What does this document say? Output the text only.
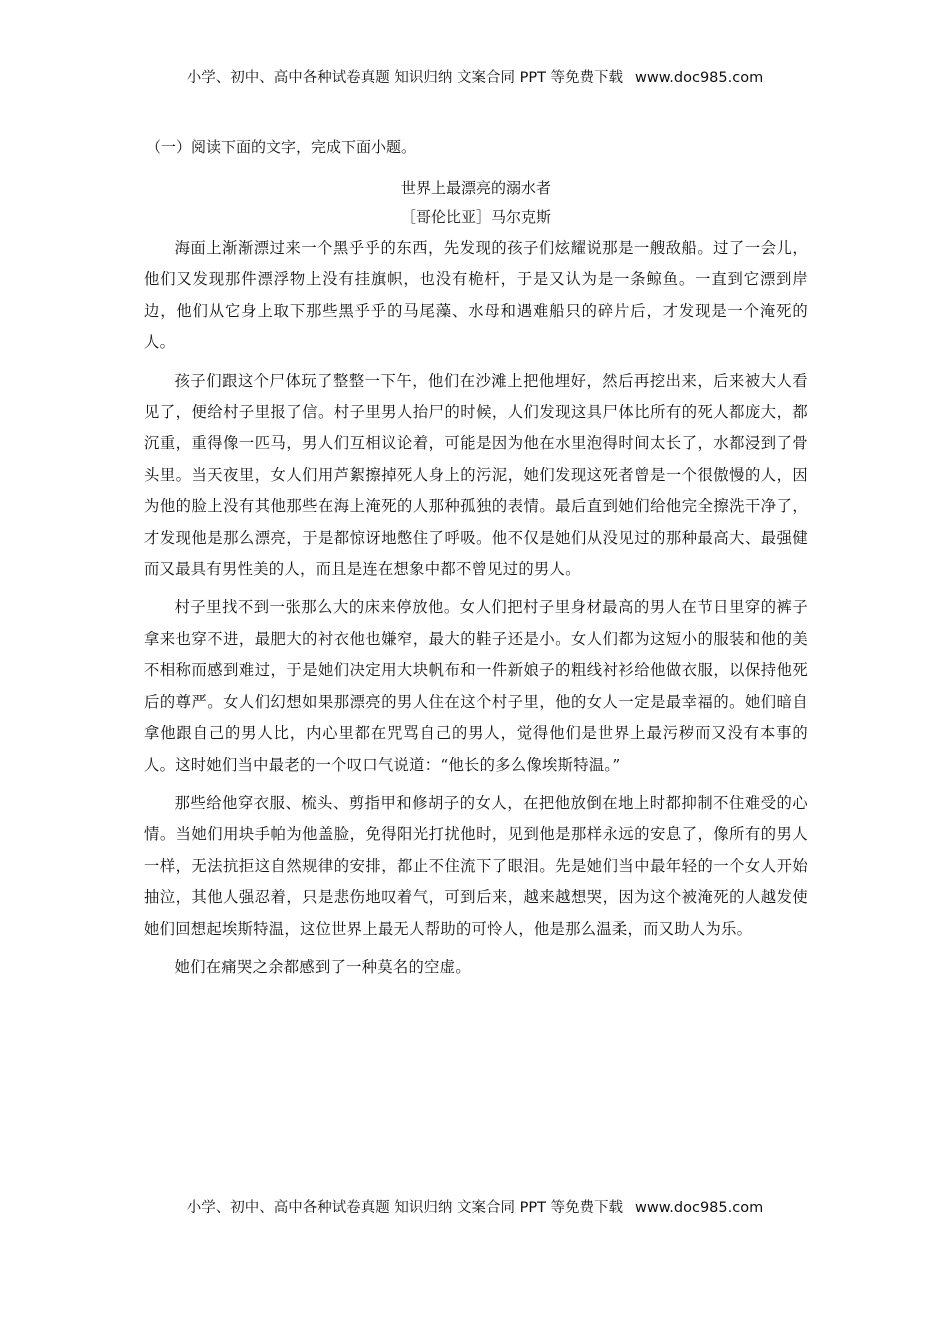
小学、初中、高中各种试卷真题 知识归纳 文案合同 PPT 等免费下载 www.doc985.com

（一）阅读下面的文字，完成下面小题。

世界上最漂亮的溺水者

［哥伦比亚］马尔克斯

海面上渐渐漂过来一个黑乎乎的东西，先发现的孩子们炫耀说那是一艘敌船。过了一会儿，他们又发现那件漂浮物上没有挂旗帜，也没有桅杆，于是又认为是一条鲸鱼。一直到它漂到岸边，他们从它身上取下那些黑乎乎的马尾藻、水母和遇难船只的碎片后，才发现是一个淹死的人。

孩子们跟这个尸体玩了整整一下午，他们在沙滩上把他埋好，然后再挖出来，后来被大人看见了，便给村子里报了信。村子里男人抬尸的时候，人们发现这具尸体比所有的死人都庞大，都沉重，重得像一匹马，男人们互相议论着，可能是因为他在水里泡得时间太长了，水都浸到了骨头里。当天夜里，女人们用芦絮擦掉死人身上的污泥，她们发现这死者曾是一个很傲慢的人，因为他的脸上没有其他那些在海上淹死的人那种孤独的表情。最后直到她们给他完全擦洗干净了，才发现他是那么漂亮，于是都惊讶地憋住了呼吸。他不仅是她们从没见过的那种最高大、最强健而又最具有男性美的人，而且是连在想象中都不曾见过的男人。

村子里找不到一张那么大的床来停放他。女人们把村子里身材最高的男人在节日里穿的裤子拿来也穿不进，最肥大的衬衣他也嫌窄，最大的鞋子还是小。女人们都为这短小的服装和他的美不相称而感到难过，于是她们决定用大块帆布和一件新娘子的粗线衬衫给他做衣服，以保持他死后的尊严。女人们幻想如果那漂亮的男人住在这个村子里，他的女人一定是最幸福的。她们暗自拿他跟自己的男人比，内心里都在咒骂自己的男人，觉得他们是世界上最污秽而又没有本事的人。这时她们当中最老的一个叹口气说道：“他长的多么像埃斯特温。”

那些给他穿衣服、梳头、剪指甲和修胡子的女人，在把他放倒在地上时都抑制不住难受的心情。当她们用块手帕为他盖脸，免得阳光打扰他时，见到他是那样永远的安息了，像所有的男人一样，无法抗拒这自然规律的安排，都止不住流下了眼泪。先是她们当中最年轻的一个女人开始抽泣，其他人强忍着，只是悲伤地叹着气，可到后来，越来越想哭，因为这个被淹死的人越发使她们回想起埃斯特温，这位世界上最无人帮助的可怜人，他是那么温柔，而又助人为乐。

她们在痛哭之余都感到了一种莫名的空虚。

小学、初中、高中各种试卷真题 知识归纳 文案合同 PPT 等免费下载 www.doc985.com
